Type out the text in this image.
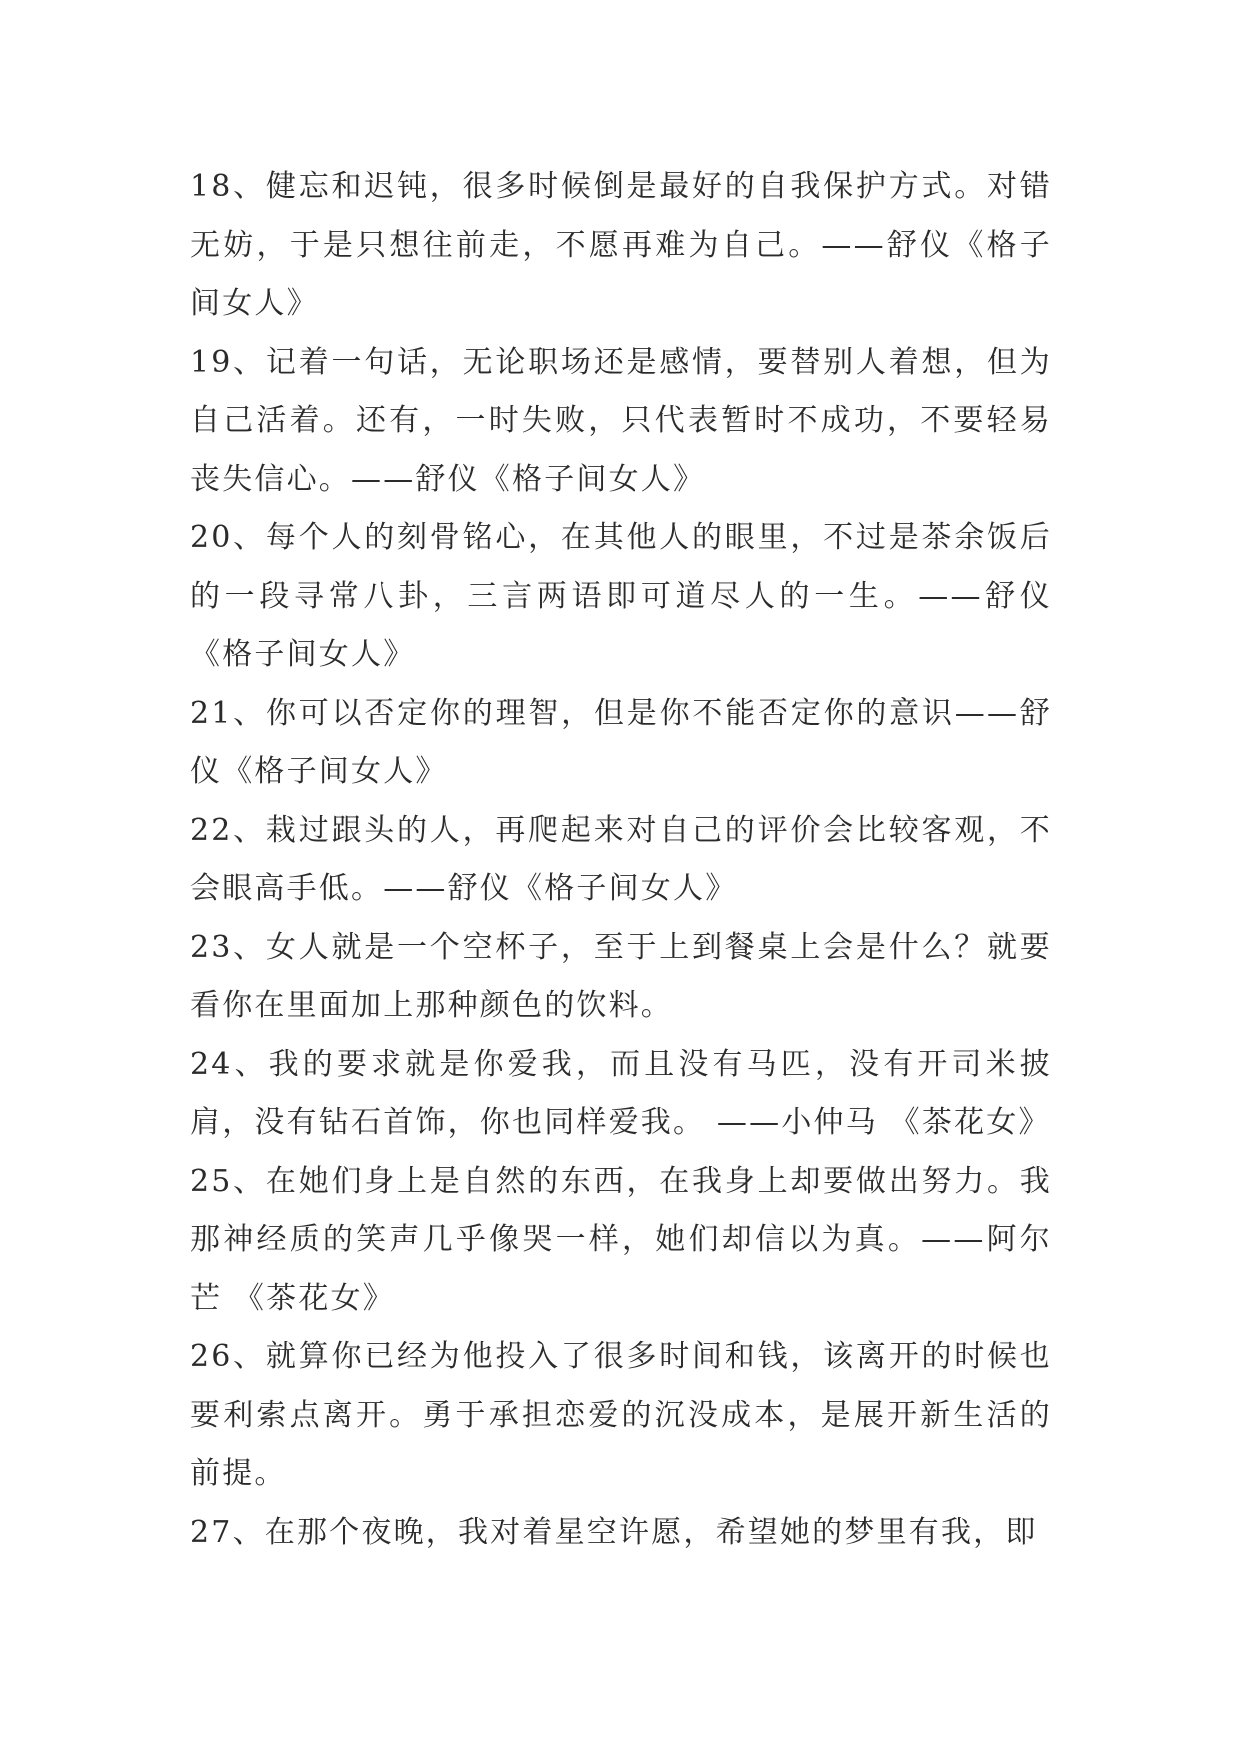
18、健忘和迟钝，很多时候倒是最好的自我保护方式。对错无妨，于是只想往前走，不愿再难为自己。——舒仪《格子间女人》

19、记着一句话，无论职场还是感情，要替别人着想，但为自己活着。还有，一时失败，只代表暂时不成功，不要轻易丧失信心。——舒仪《格子间女人》

20、每个人的刻骨铭心，在其他人的眼里，不过是茶余饭后的一段寻常八卦，三言两语即可道尽人的一生。——舒仪《格子间女人》

21、你可以否定你的理智，但是你不能否定你的意识——舒仪《格子间女人》

22、栽过跟头的人，再爬起来对自己的评价会比较客观，不会眼高手低。——舒仪《格子间女人》

23、女人就是一个空杯子，至于上到餐桌上会是什么？就要看你在里面加上那种颜色的饮料。

24、我的要求就是你爱我，而且没有马匹，没有开司米披肩，没有钻石首饰，你也同样爱我。 ——小仲马 《茶花女》

25、在她们身上是自然的东西，在我身上却要做出努力。我那神经质的笑声几乎像哭一样，她们却信以为真。——阿尔芒 《茶花女》

26、就算你已经为他投入了很多时间和钱，该离开的时候也要利索点离开。勇于承担恋爱的沉没成本，是展开新生活的前提。

27、在那个夜晚，我对着星空许愿，希望她的梦里有我，即
